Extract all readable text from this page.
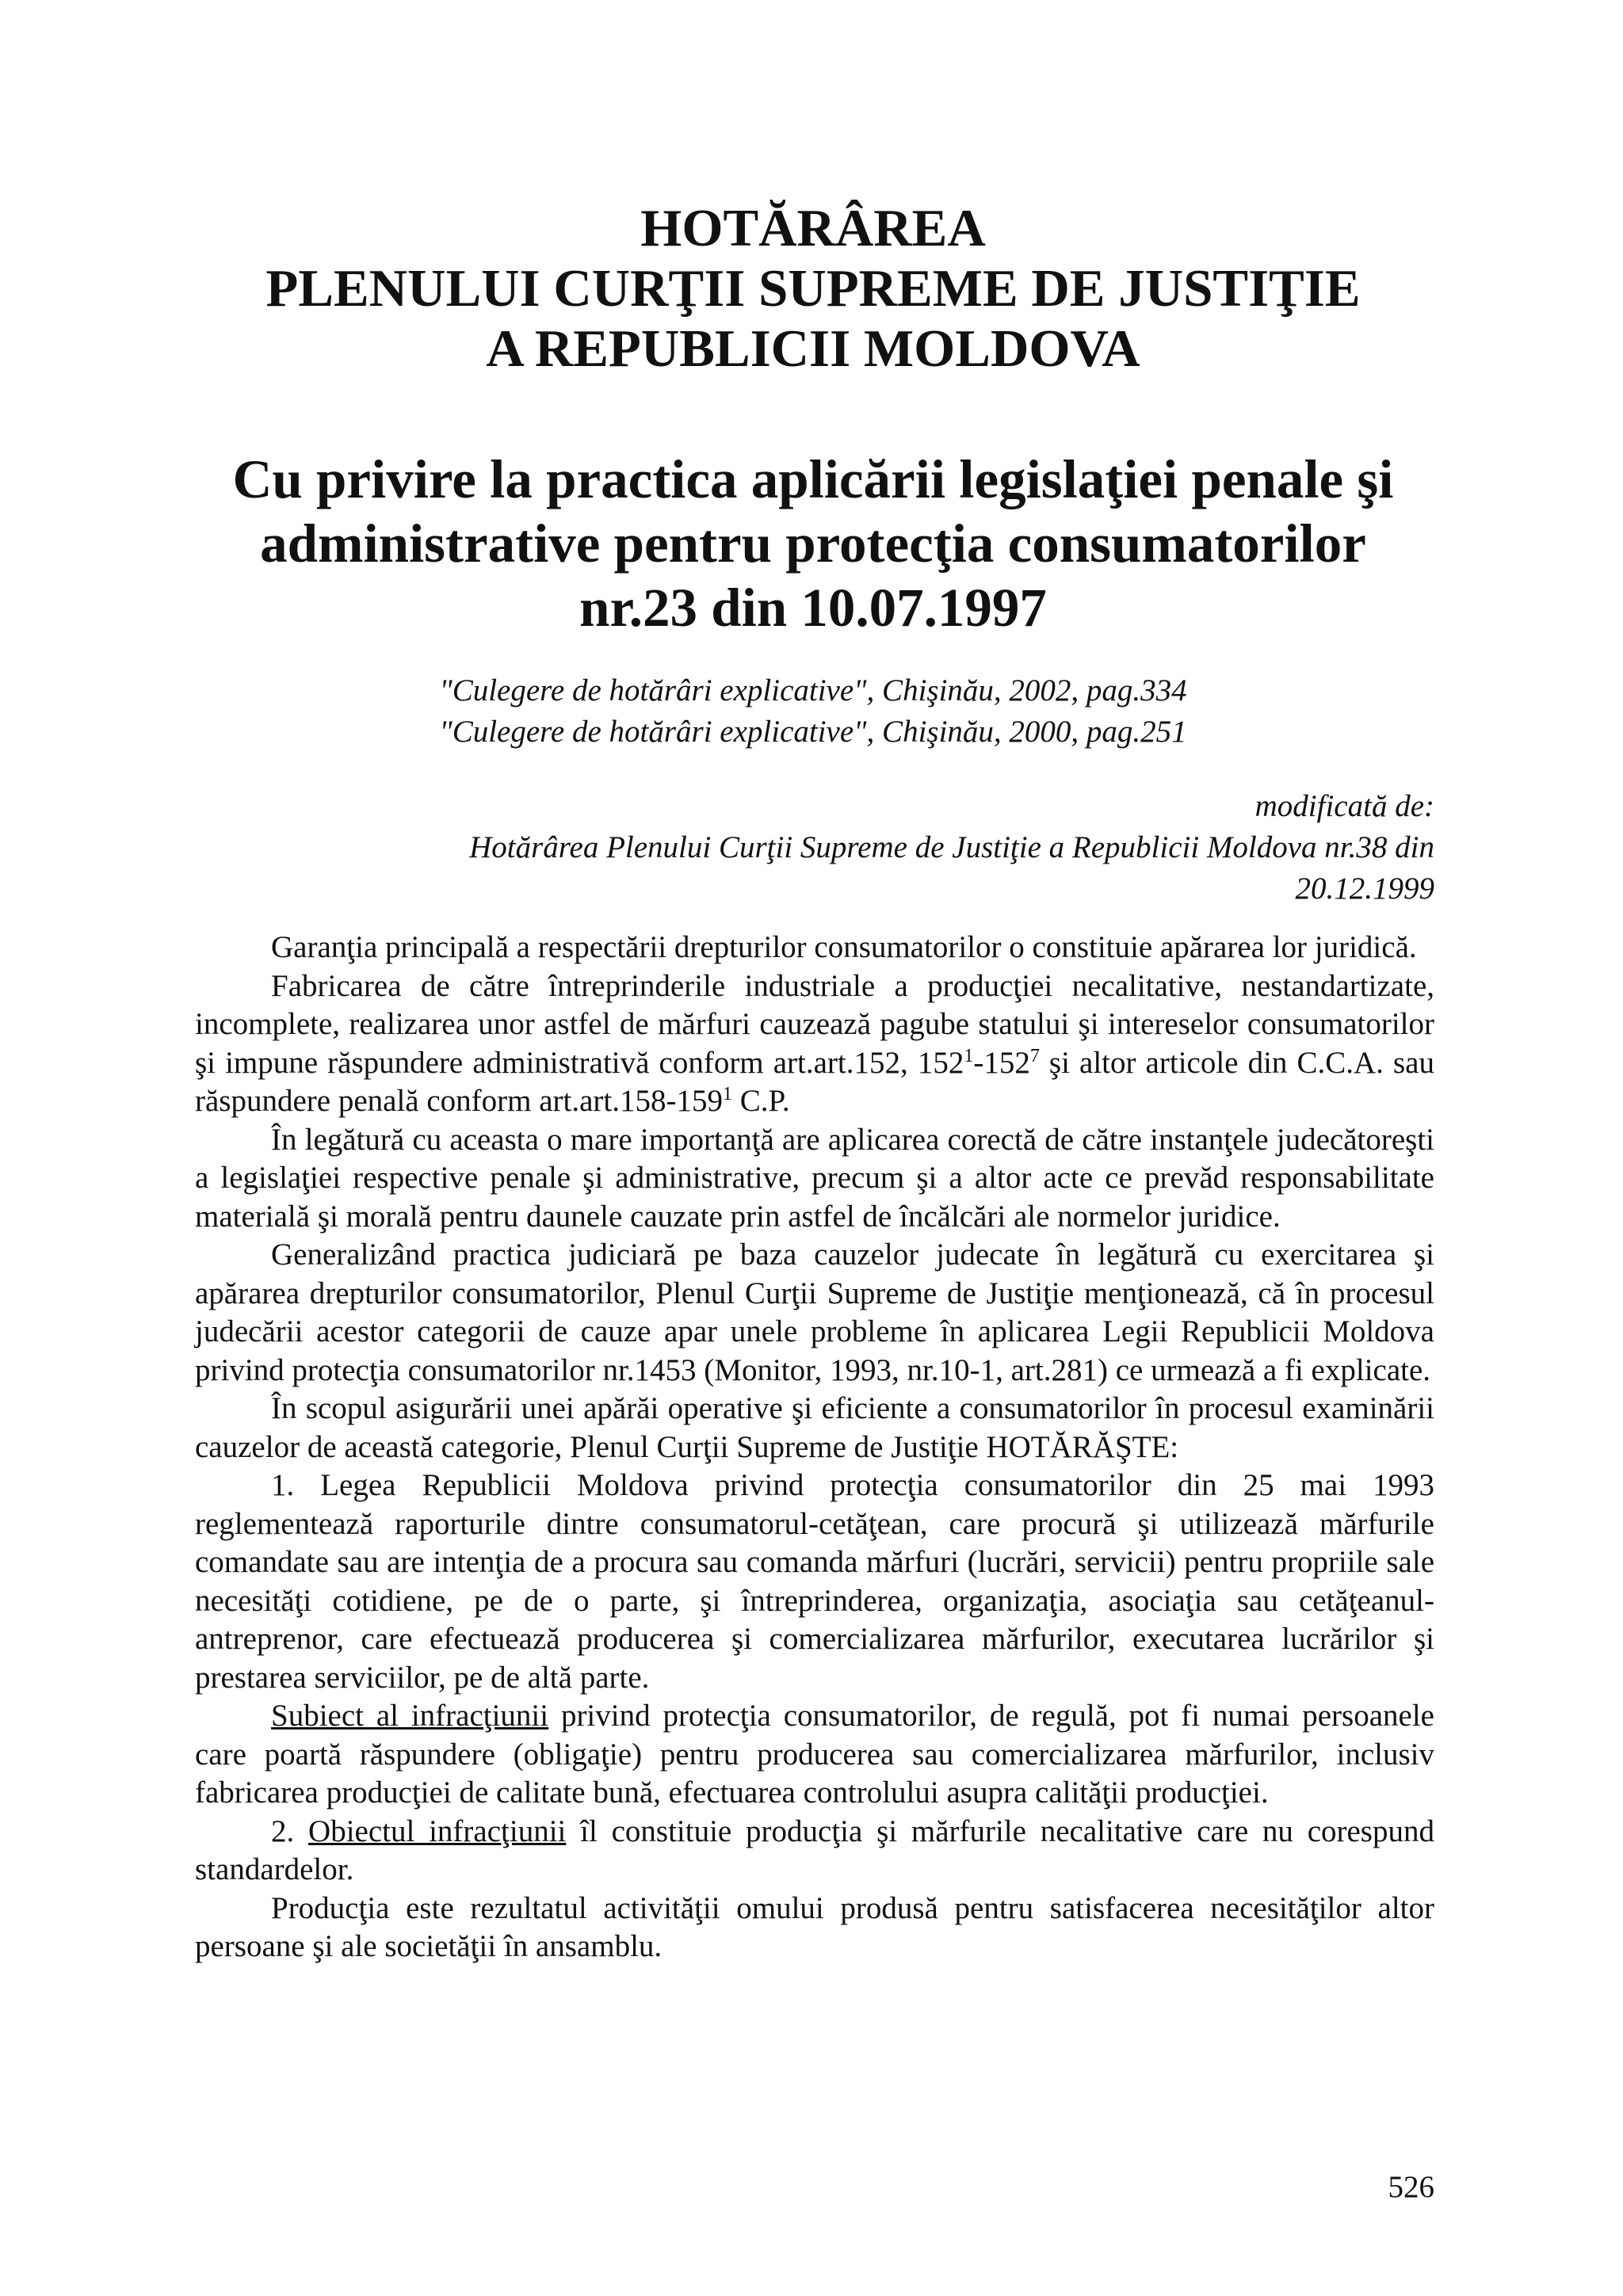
HOTĂRÂREA
PLENULUI CURŢII SUPREME DE JUSTIŢIE
A REPUBLICII MOLDOVA
Cu privire la practica aplicării legislaţiei penale şi
administrative pentru protecţia consumatorilor
nr.23 din 10.07.1997
"Culegere de hotărâri explicative", Chişinău, 2002, pag.334
"Culegere de hotărâri explicative", Chişinău, 2000, pag.251
modificată de:
Hotărârea Plenului Curţii Supreme de Justiţie a Republicii Moldova nr.38 din
20.12.1999

Garanţia principală a respectării drepturilor consumatorilor o constituie apărarea lor juridică.

Fabricarea de către întreprinderile industriale a producţiei necalitative, nestandartizate, incomplete, realizarea unor astfel de mărfuri cauzează pagube statului şi intereselor consumatorilor şi impune răspundere administrativă conform art.art.152, $152^1-152^7$ şi altor articole din C.C.A. sau răspundere penală conform $art.art.158-159^1$ C.P.

În legătură cu aceasta o mare importanţă are aplicarea corectă de către instanţele judecătoreşti a legislaţiei respective penale şi administrative, precum şi a altor acte ce prevăd responsabilitate materială şi morală pentru daunele cauzate prin astfel de încălcări ale normelor juridice.

Generalizând practica judiciară pe baza cauzelor judecate în legătură cu exercitarea şi apărarea drepturilor consumatorilor, Plenul Curţii Supreme de Justiţie menţionează, că în procesul judecării acestor categorii de cauze apar unele probleme în aplicarea Legii Republicii Moldova privind protecţia consumatorilor nr.1453 (Monitor, 1993, nr.10-1, art.281) ce urmează a fi explicate.

În scopul asigurării unei apărăi operative şi eficiente a consumatorilor în procesul examinării cauzelor de această categorie, Plenul Curţii Supreme de Justiţie HOTĂRĂŞTE:

1. Legea Republicii Moldova privind protecţia consumatorilor din 25 mai 1993 reglementează raporturile dintre consumatorul-cetăţean, care procură şi utilizează mărfurile comandate sau are intenţia de a procura sau comanda mărfuri (lucrări, servicii) pentru propriile sale necesităţi cotidiene, pe de o parte, şi întreprinderea, organizaţia, asociaţia sau cetăţeanul-antreprenor, care efectuează producerea şi comercializarea mărfurilor, executarea lucrărilor şi prestarea serviciilor, pe de altă parte.

Subiect al infracţiunii privind protecţia consumatorilor, de regulă, pot fi numai persoanele care poartă răspundere (obligaţie) pentru producerea sau comercializarea mărfurilor, inclusiv fabricarea producţiei de calitate bună, efectuarea controlului asupra calităţii producţiei.

2. Obiectul infracţiunii îl constituie producţia şi mărfurile necalitative care nu corespund standardelor.

Producţia este rezultatul activităţii omului produsă pentru satisfacerea necesităţilor altor persoane şi ale societăţii în ansamblu.

526
